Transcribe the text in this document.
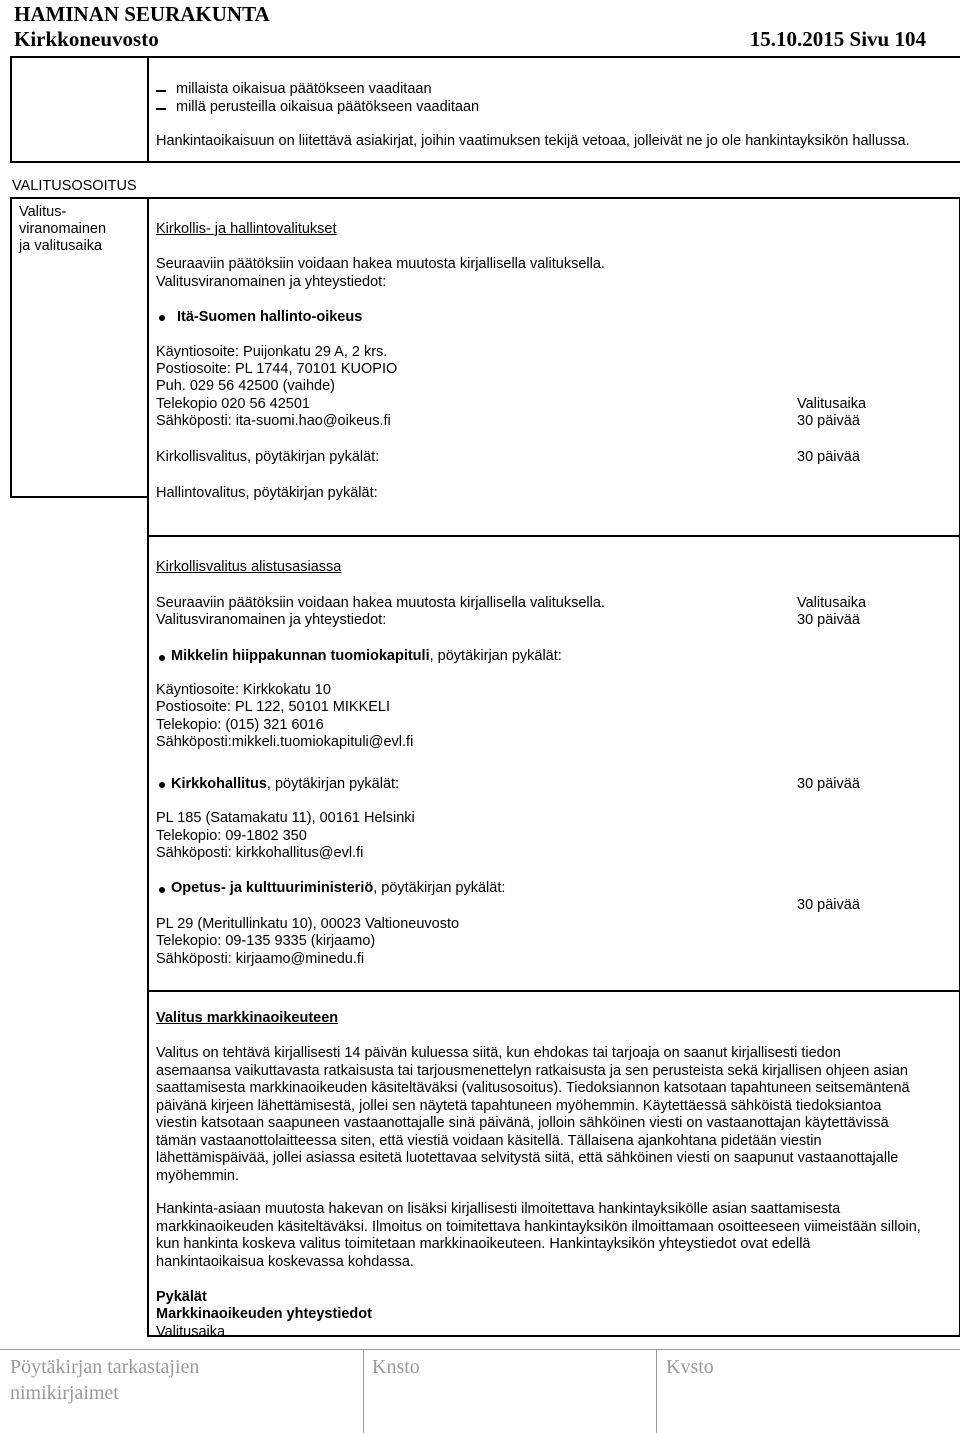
HAMINAN SEURAKUNTA
Kirkkoneuvosto	15.10.2015 Sivu 104
millaista oikaisua päätökseen vaaditaan
millä perusteilla oikaisua päätökseen vaaditaan
Hankintaoikaisuun on liitettävä asiakirjat, joihin vaatimuksen tekijä vetoaa, jolleivät ne jo ole hankintayksikön hallussa.
VALITUSOSOITUS
Valitus-
viranomainen
ja valitusaika
Kirkollis- ja hallintovalitukset
Seuraaviin päätöksiin voidaan hakea muutosta kirjallisella valituksella.
Valitusviranomainen ja yhteystiedot:
Itä-Suomen hallinto-oikeus
Käyntiosoite: Puijonkatu 29 A, 2 krs.
Postiosoite: PL 1744, 70101 KUOPIO
Puh. 029 56 42500 (vaihde)
Telekopio 020 56 42501
Sähköposti: ita-suomi.hao@oikeus.fi
Valitusaika
30 päivää
Kirkollisvalitus, pöytäkirjan pykälät:	30 päivää
Hallintovalitus, pöytäkirjan pykälät:
Kirkollisvalitus alistusasiassa
Seuraaviin päätöksiin voidaan hakea muutosta kirjallisella valituksella.
Valitusviranomainen ja yhteystiedot:
Valitusaika
30 päivää
Mikkelin hiippakunnan tuomiokapituli, pöytäkirjan pykälät:
Käyntiosoite: Kirkkokatu 10
Postiosoite: PL 122, 50101 MIKKELI
Telekopio: (015) 321 6016
Sähköposti:mikkeli.tuomiokapituli@evl.fi
Kirkkohallitus, pöytäkirjan pykälät:	30 päivää
PL 185 (Satamakatu 11), 00161 Helsinki
Telekopio: 09-1802 350
Sähköposti: kirkkohallitus@evl.fi
Opetus- ja kulttuuriministeriö, pöytäkirjan pykälät:
30 päivää
PL 29 (Meritullinkatu 10), 00023 Valtioneuvosto
Telekopio: 09-135 9335 (kirjaamo)
Sähköposti: kirjaamo@minedu.fi
Valitus markkinaoikeuteen
Valitus on tehtävä kirjallisesti 14 päivän kuluessa siitä, kun ehdokas tai tarjoaja on saanut kirjallisesti tiedon asemaansa vaikuttavasta ratkaisusta tai tarjousmenettelyn ratkaisusta ja sen perusteista sekä kirjallisen ohjeen asian saattamisesta markkinaoikeuden käsiteltäväksi (valitusosoitus). Tiedoksiannon katsotaan tapahtuneen seitsemäntenä päivänä kirjeen lähettämisestä, jollei sen näytetä tapahtuneen myöhemmin. Käytettäessä sähköistä tiedoksiantoa viestin katsotaan saapuneen vastaanottajalle sinä päivänä, jolloin sähköinen viesti on vastaanottajan käytettävissä tämän vastaanottolaitteessa siten, että viestiä voidaan käsitellä. Tällaisena ajankohtana pidetään viestin lähettämispäivää, jollei asiassa esitetä luotettavaa selvitystä siitä, että sähköinen viesti on saapunut vastaanottajalle myöhemmin.
Hankinta-asiaan muutosta hakevan on lisäksi kirjallisesti ilmoitettava hankintayksikölle asian saattamisesta markkinaoikeuden käsiteltäväksi. Ilmoitus on toimitettava hankintayksikön ilmoittamaan osoitteeseen viimeistään silloin, kun hankinta koskeva valitus toimitetaan markkinaoikeuteen. Hankintayksikön yhteystiedot ovat edellä hankintaoikaisua koskevassa kohdassa.
Pykälät
Markkinaoikeuden yhteystiedot
Valitusaika
Pöytäkirjan tarkastajien nimikirjaimet
Knsto	Kvsto
